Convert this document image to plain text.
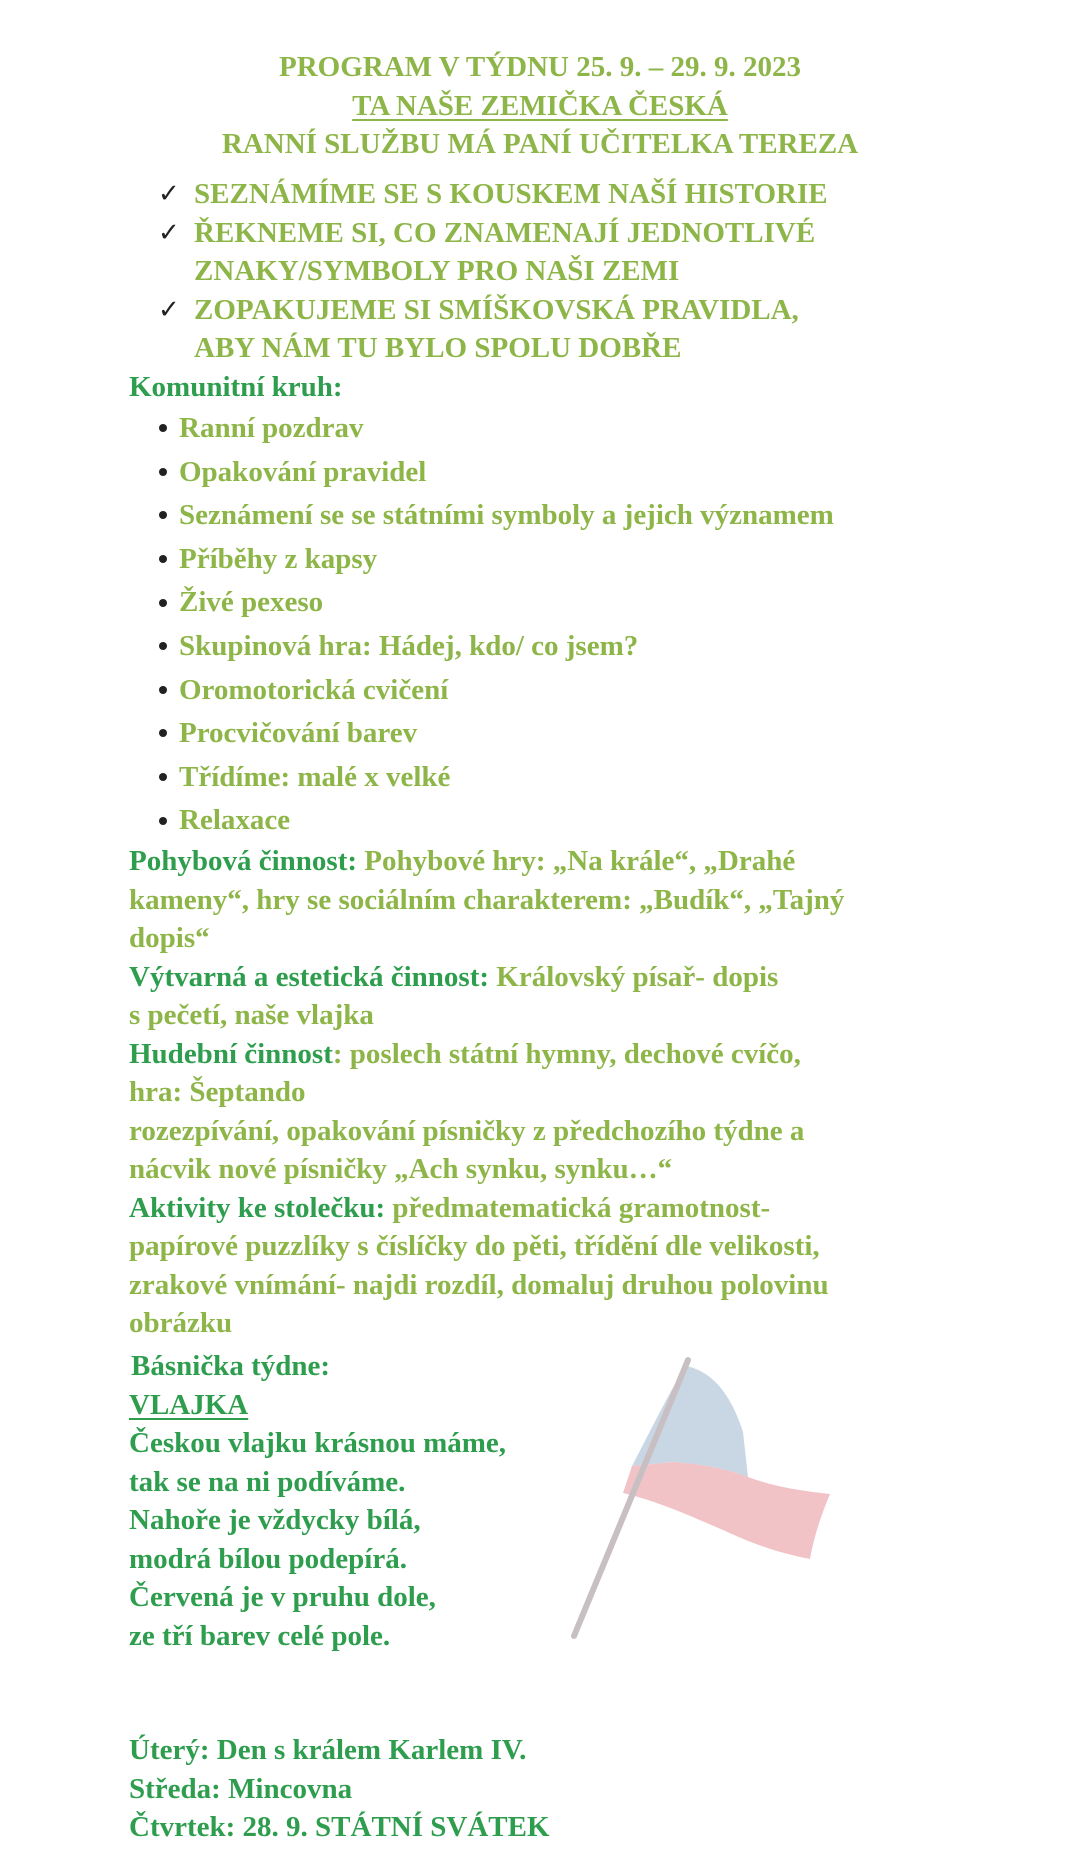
PROGRAM V TÝDNU 25. 9. – 29. 9. 2023
TA NAŠE ZEMIČKA ČESKÁ
RANNÍ SLUŽBU MÁ PANÍ UČITELKA TEREZA
✓ SEZNÁMÍME SE S KOUSKEM NAŠÍ HISTORIE
✓ ŘEKNEME SI, CO ZNAMENAJÍ JEDNOTLIVÉ
ZNAKY/SYMBOLY PRO NAŠI ZEMI
✓ ZOPAKUJEME SI SMÍŠKOVSKÁ PRAVIDLA,
ABY NÁM TU BYLO SPOLU DOBŘE
Komunitní kruh:
Ranní pozdrav
Opakování pravidel
Seznámení se se státními symboly a jejich významem
Příběhy z kapsy
Živé pexeso
Skupinová hra: Hádej, kdo/ co jsem?
Oromotorická cvičení
Procvičování barev
Třídíme: malé x velké
Relaxace
Pohybová činnost: Pohybové hry: „Na krále“, „Drahé
kameny“, hry se sociálním charakterem: „Budík“, „Tajný
dopis“
Výtvarná a estetická činnost: Královský písař- dopis
s pečetí, naše vlajka
Hudební činnost: poslech státní hymny, dechové cvíčo,
hra: Šeptando
rozezpívání, opakování písničky z předchozího týdne a
nácvik nové písničky „Ach synku, synku…“
Aktivity ke stolečku: předmatematická gramotnost-
papírové puzzlíky s číslíčky do pěti, třídění dle velikosti,
zrakové vnímání- najdi rozdíl, domaluj druhou polovinu
obrázku
Básnička týdne:
VLAJKA
Českou vlajku krásnou máme,
tak se na ni podíváme.
Nahoře je vždycky bílá,
modrá bílou podepírá.
Červená je v pruhu dole,
ze tří barev celé pole.
Úterý: Den s králem Karlem IV.
Středa: Mincovna
Čtvrtek: 28. 9. STÁTNÍ SVÁTEK
